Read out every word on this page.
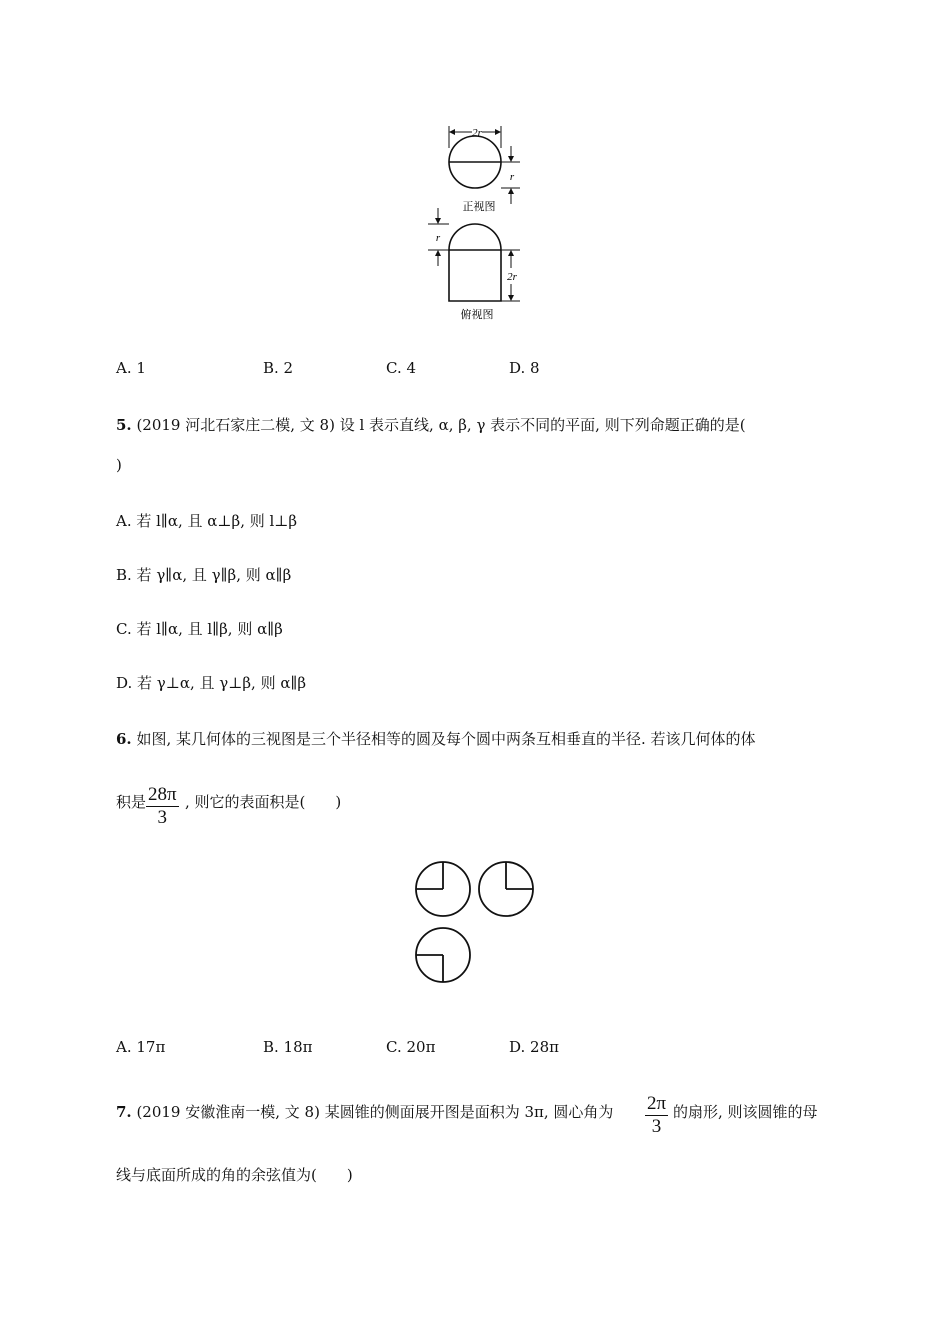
2r
r
正视图
r
2r
俯视图
A. 1	B. 2	C. 4	D. 8
5. (2019 河北石家庄二模, 文 8) 设 l 表示直线, α, β, γ 表示不同的平面, 则下列命题正确的是(
)
A. 若 l∥α, 且 α⊥β, 则 l⊥β
B. 若 γ∥α, 且 γ∥β, 则 α∥β
C. 若 l∥α, 且 l∥β, 则 α∥β
D. 若 γ⊥α, 且 γ⊥β, 则 α∥β
6. 如图, 某几何体的三视图是三个半径相等的圆及每个圆中两条互相垂直的半径. 若该几何体的体
积是 $\frac{28\pi}{3}$ , 则它的表面积是(　　)
A. 17π	B. 18π	C. 20π	D. 28π
7. (2019 安徽淮南一模, 文 8) 某圆锥的侧面展开图是面积为 3π, 圆心角为 $\frac{2\pi}{3}$ 的扇形, 则该圆锥的母
线与底面所成的角的余弦值为(　　)
